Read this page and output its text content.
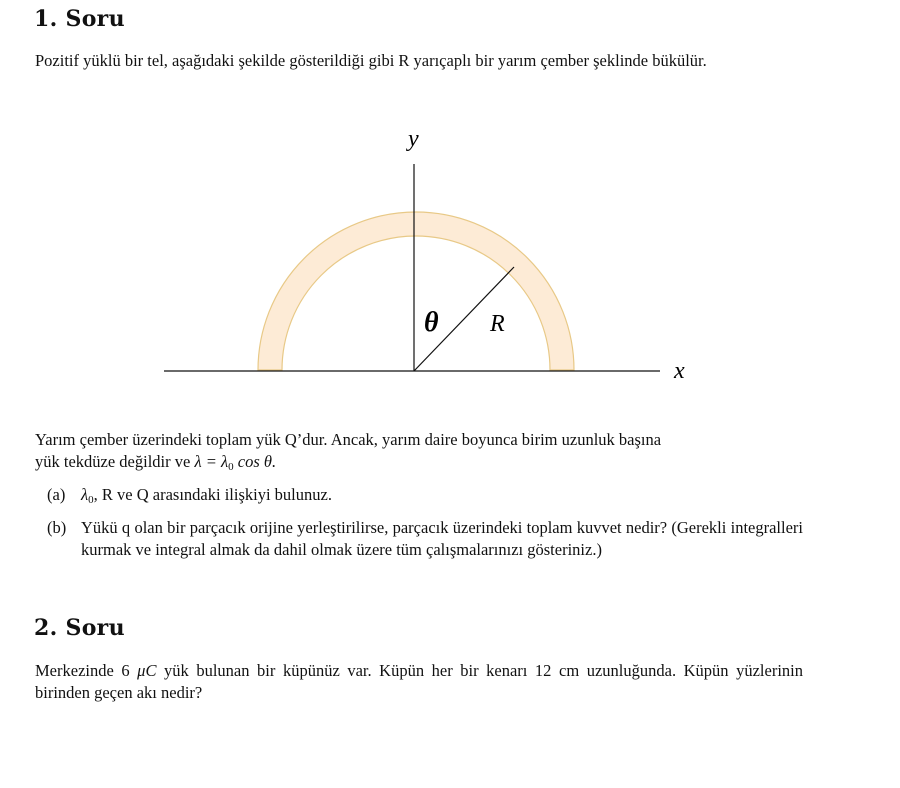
1. Soru
Pozitif yüklü bir tel, aşağıdaki şekilde gösterildiği gibi R yarıçaplı bir yarım çember şeklinde bükülür.
y
x
θ R
Yarım çember üzerindeki toplam yük Q’dur. Ancak, yarım daire boyunca birim uzunluk başına
yük tekdüze değildir ve $\lambda = \lambda_0$ cos θ.
(a) $\lambda_0$, R ve Q arasındaki ilişkiyi bulunuz.
(b) Yükü q olan bir parçacık orijine yerleştirilirse, parçacık üzerindeki toplam kuvvet nedir? (Gerekli integralleri kurmak ve integral almak da dahil olmak üzere tüm çalışmalarınızı gösteriniz.)
2. Soru
Merkezinde 6 μC yük bulunan bir küpünüz var. Küpün her bir kenarı 12 cm uzunluğunda. Küpün yüzlerinin birinden geçen akı nedir?
